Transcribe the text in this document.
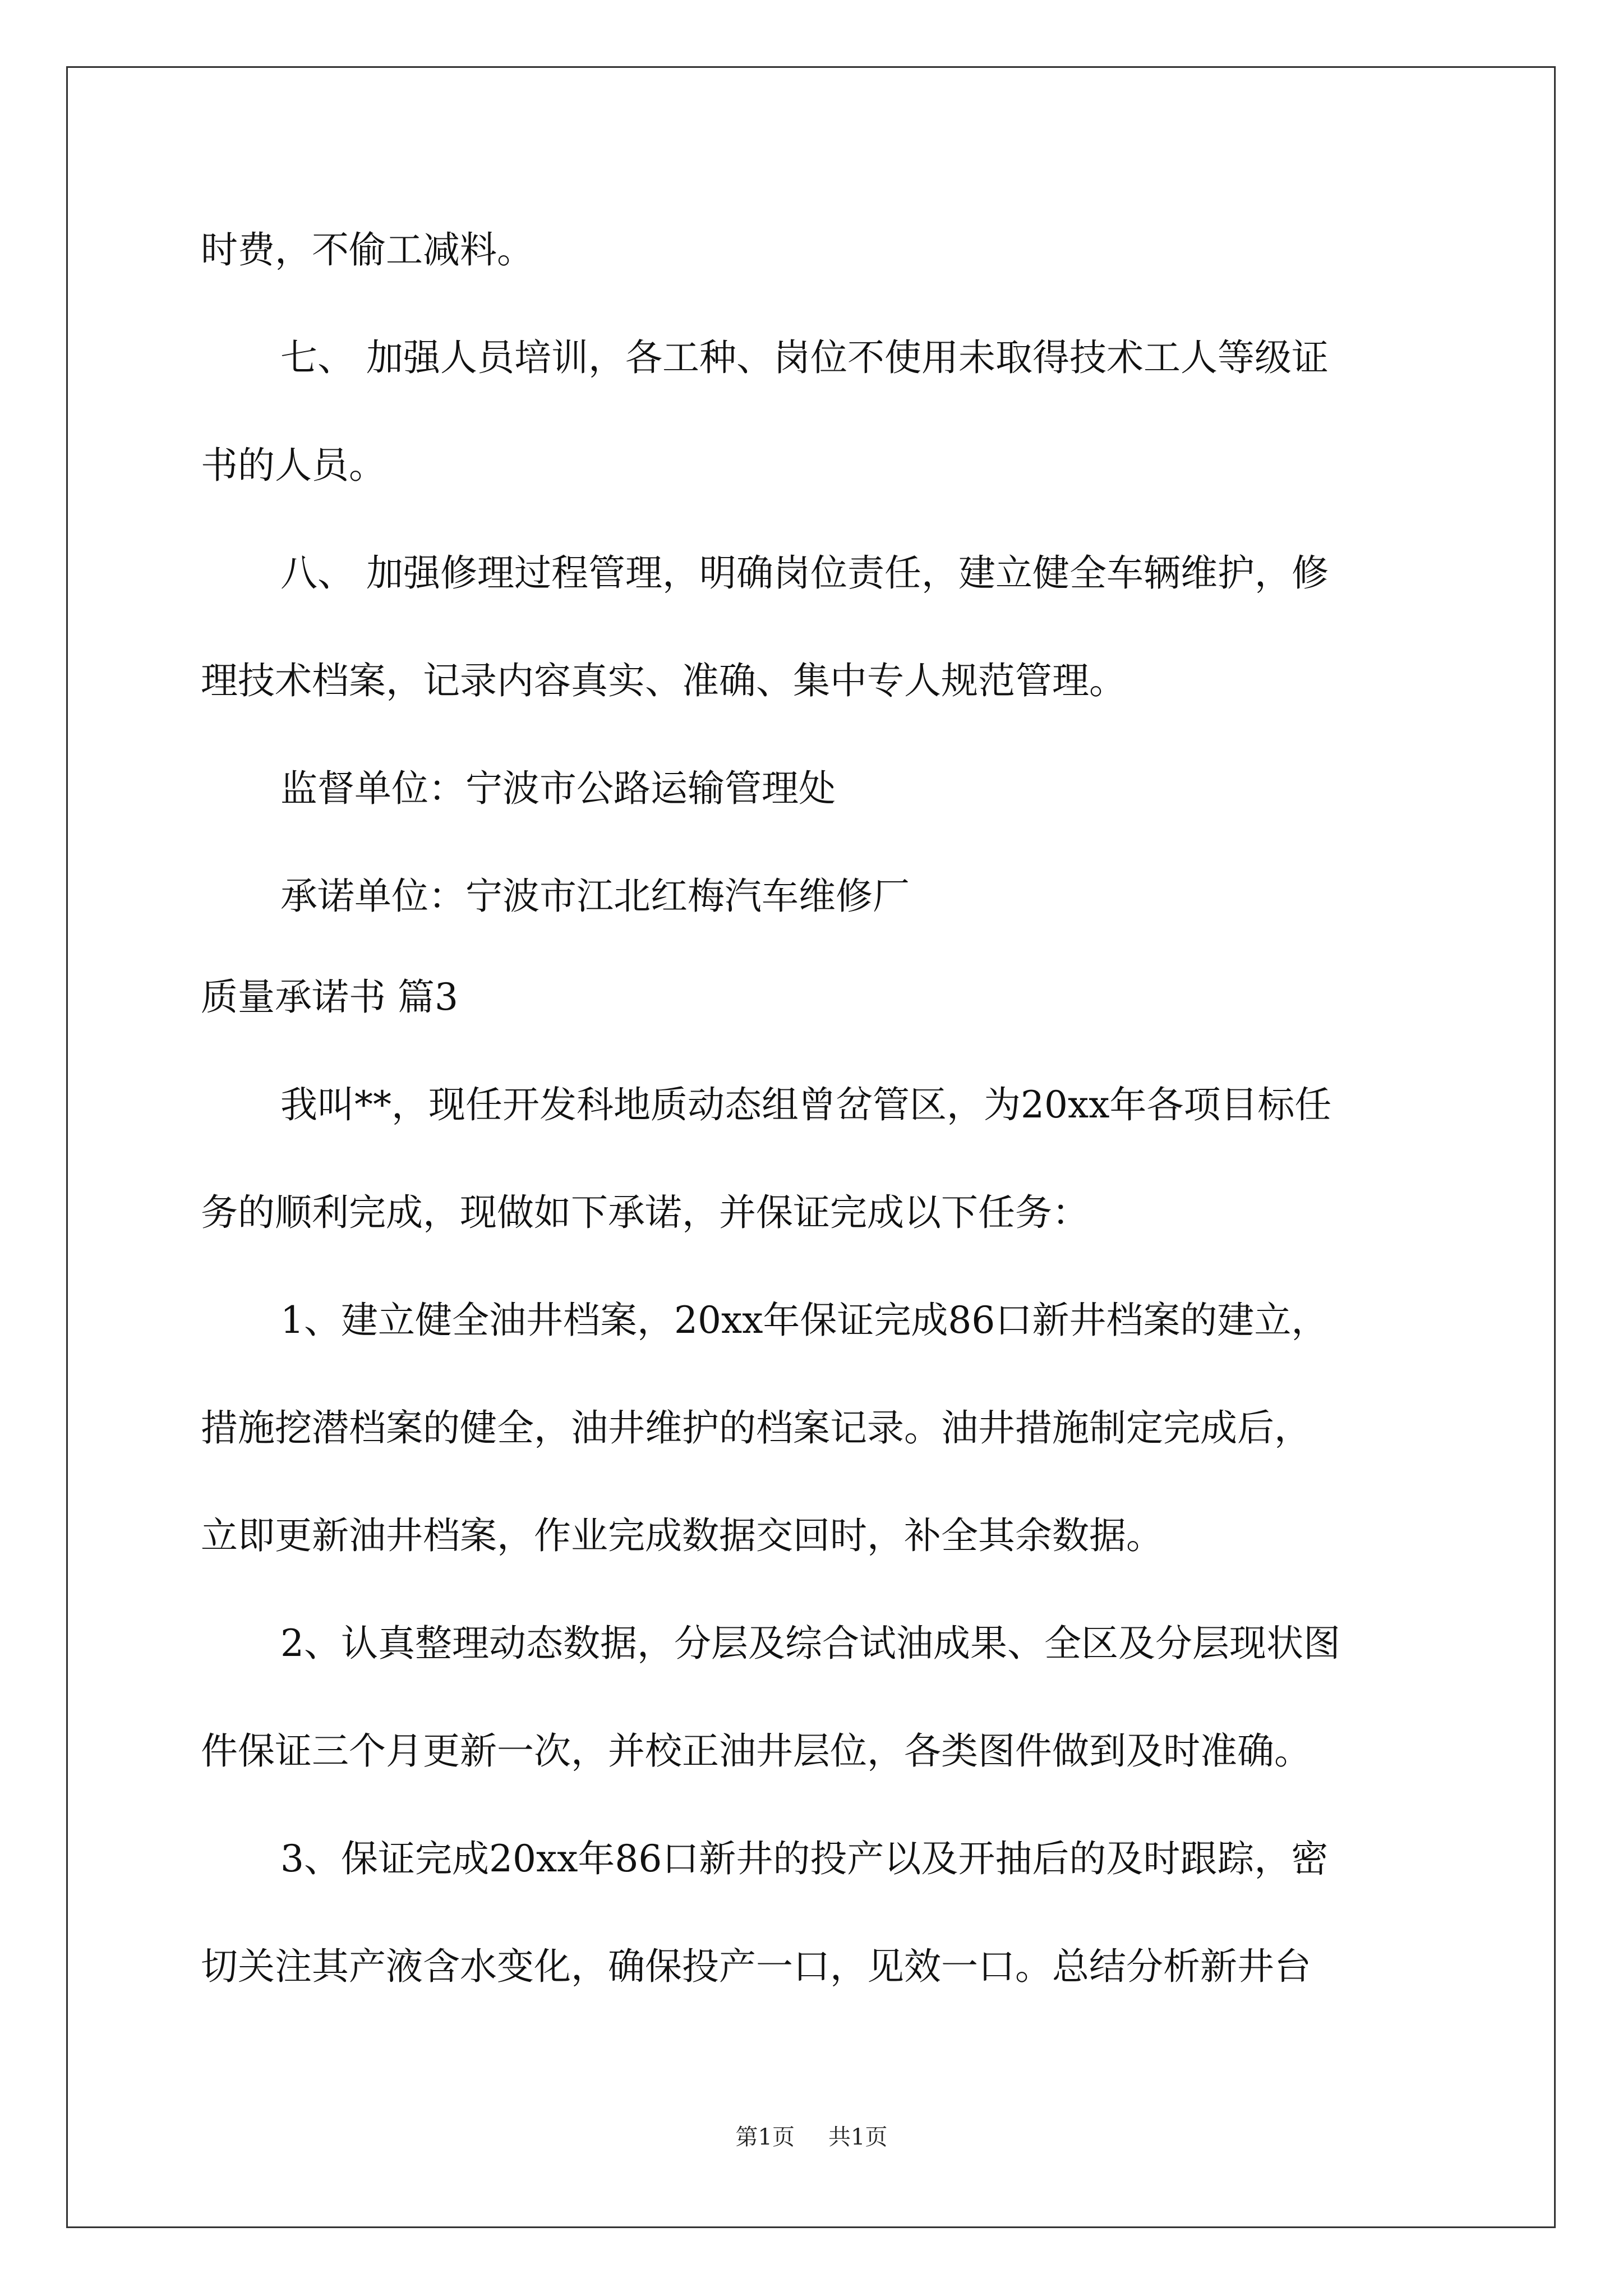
时费，不偷工减料。
七、 加强人员培训，各工种、岗位不使用未取得技术工人等级证
书的人员。
八、 加强修理过程管理，明确岗位责任，建立健全车辆维护，修
理技术档案，记录内容真实、准确、集中专人规范管理。
监督单位：宁波市公路运输管理处
承诺单位：宁波市江北红梅汽车维修厂
质量承诺书 篇3
我叫**，现任开发科地质动态组曾岔管区，为20xx年各项目标任
务的顺利完成，现做如下承诺，并保证完成以下任务：
1、建立健全油井档案，20xx年保证完成86口新井档案的建立，
措施挖潜档案的健全，油井维护的档案记录。油井措施制定完成后，
立即更新油井档案，作业完成数据交回时，补全其余数据。
2、认真整理动态数据，分层及综合试油成果、全区及分层现状图
件保证三个月更新一次，并校正油井层位，各类图件做到及时准确。
3、保证完成20xx年86口新井的投产以及开抽后的及时跟踪，密
切关注其产液含水变化，确保投产一口，见效一口。总结分析新井台
第1页 共1页
